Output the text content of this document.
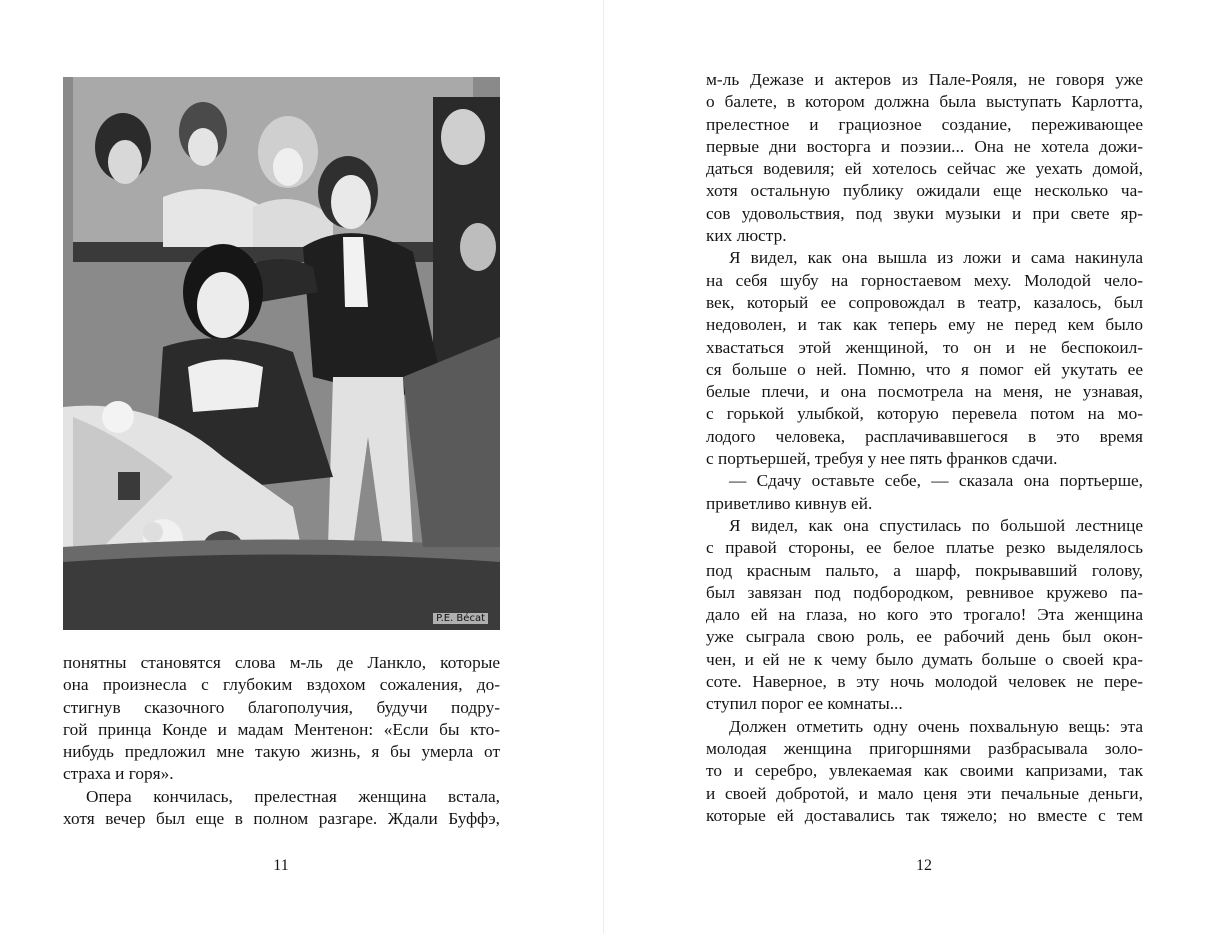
P.E. Bécat

понятны становятся слова м-ль де Ланкло, которые

она произнесла с глубоким вздохом сожаления, до-

стигнув сказочного благополучия, будучи подру-

гой принца Конде и мадам Ментенон: «Если бы кто-

нибудь предложил мне такую жизнь, я бы умерла от

страха и горя».

Опера кончилась, прелестная женщина встала,

хотя вечер был еще в полном разгаре. Ждали Буффэ,

11

м-ль Дежазе и актеров из Пале-Рояля, не говоря уже

о балете, в котором должна была выступать Карлотта,

прелестное и грациозное создание, переживающее

первые дни восторга и поэзии... Она не хотела дожи-

даться водевиля; ей хотелось сейчас же уехать домой,

хотя остальную публику ожидали еще несколько ча-

сов удовольствия, под звуки музыки и при свете яр-

ких люстр.

Я видел, как она вышла из ложи и сама накинула

на себя шубу на горностаевом меху. Молодой чело-

век, который ее сопровождал в театр, казалось, был

недоволен, и так как теперь ему не перед кем было

хвастаться этой женщиной, то он и не беспокоил-

ся больше о ней. Помню, что я помог ей укутать ее

белые плечи, и она посмотрела на меня, не узнавая,

с горькой улыбкой, которую перевела потом на мо-

лодого человека, расплачивавшегося в это время

с портьершей, требуя у нее пять франков сдачи.

— Сдачу оставьте себе, — сказала она портьерше,

приветливо кивнув ей.

Я видел, как она спустилась по большой лестнице

с правой стороны, ее белое платье резко выделялось

под красным пальто, а шарф, покрывавший голову,

был завязан под подбородком, ревнивое кружево па-

дало ей на глаза, но кого это трогало! Эта женщина

уже сыграла свою роль, ее рабочий день был окон-

чен, и ей не к чему было думать больше о своей кра-

соте. Наверное, в эту ночь молодой человек не пере-

ступил порог ее комнаты...

Должен отметить одну очень похвальную вещь: эта

молодая женщина пригоршнями разбрасывала золо-

то и серебро, увлекаемая как своими капризами, так

и своей добротой, и мало ценя эти печальные деньги,

которые ей доставались так тяжело; но вместе с тем

12
